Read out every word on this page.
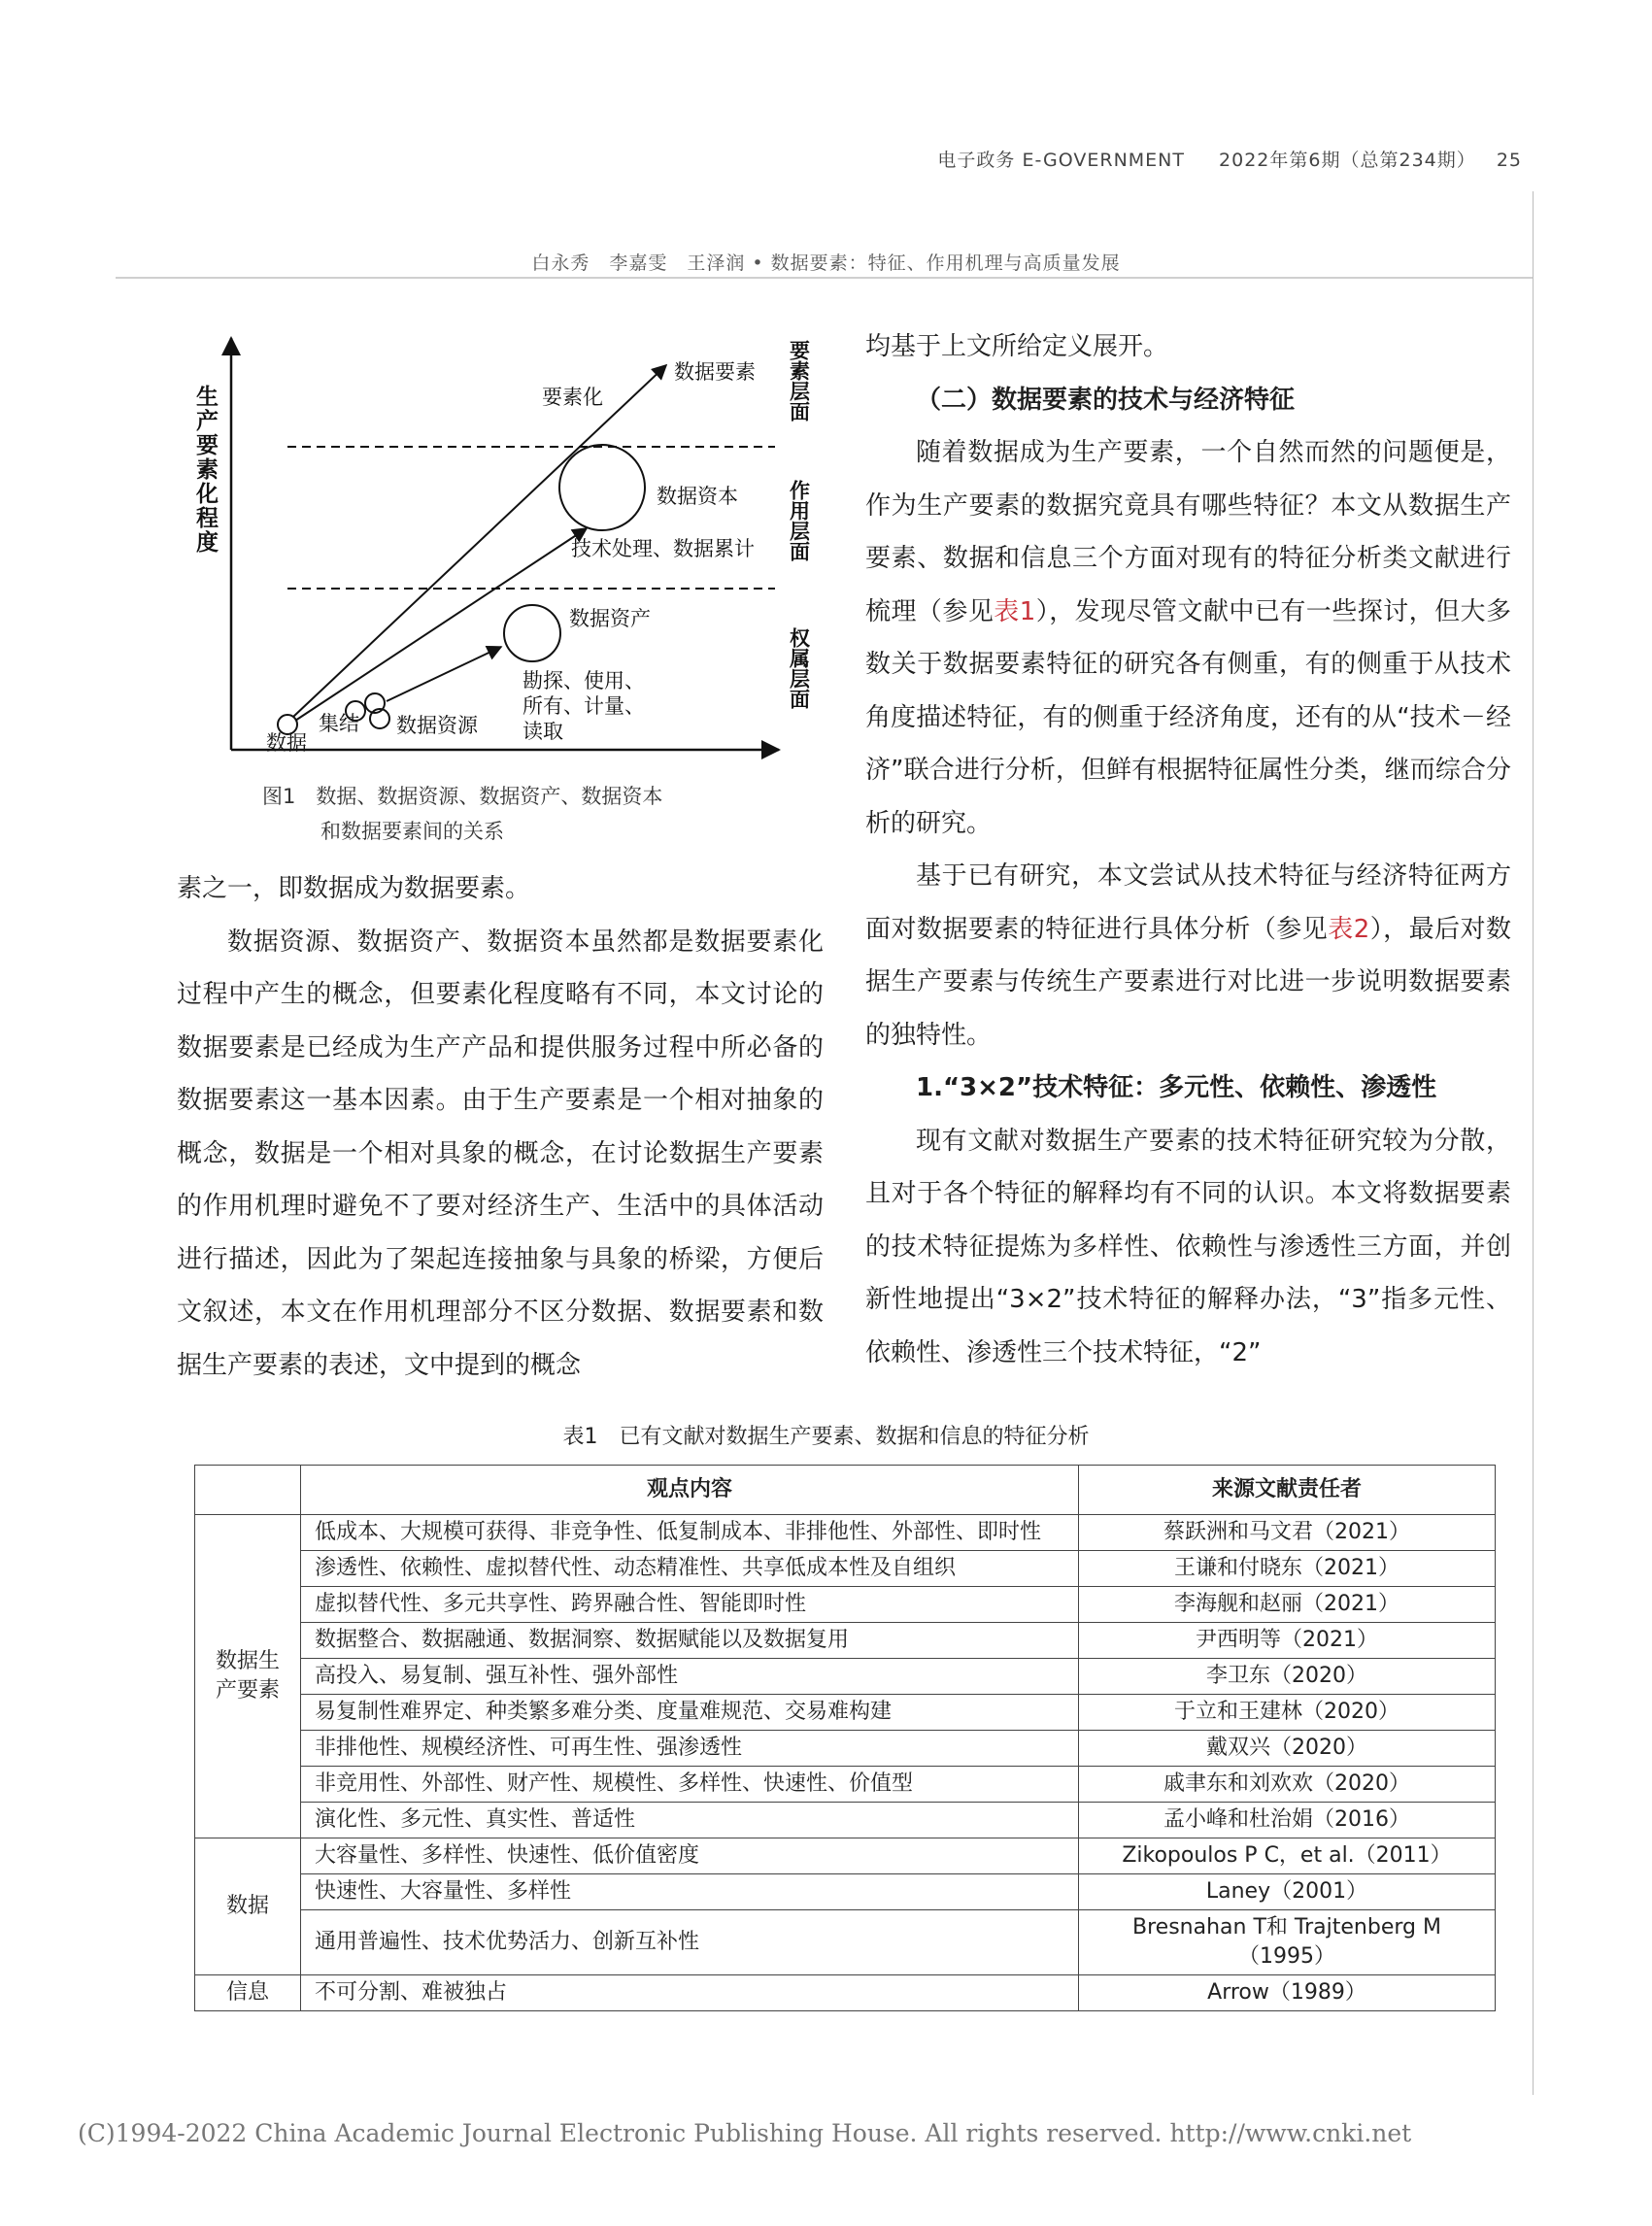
电子政务 E-GOVERNMENT 2022年第6期（总第234期） 25
白永秀　李嘉雯　王泽润 • 数据要素：特征、作用机理与高质量发展
生产要素化程度
要素层面
作用层面
权属层面
数据
集结 数据资源
数据资产
数据资本
数据要素
要素化
技术处理、数据累计
勘探、使用、
所有、计量、
读取
图1　数据、数据资源、数据资产、数据资本
和数据要素间的关系

素之一，即数据成为数据要素。

数据资源、数据资产、数据资本虽然都是数据要素化过程中产生的概念，但要素化程度略有不同，本文讨论的数据要素是已经成为生产产品和提供服务过程中所必备的数据要素这一基本因素。由于生产要素是一个相对抽象的概念，数据是一个相对具象的概念，在讨论数据生产要素的作用机理时避免不了要对经济生产、生活中的具体活动进行描述，因此为了架起连接抽象与具象的桥梁，方便后文叙述，本文在作用机理部分不区分数据、数据要素和数据生产要素的表述，文中提到的概念

均基于上文所给定义展开。

（二）数据要素的技术与经济特征

随着数据成为生产要素，一个自然而然的问题便是，作为生产要素的数据究竟具有哪些特征？本文从数据生产要素、数据和信息三个方面对现有的特征分析类文献进行梳理（参见表1），发现尽管文献中已有一些探讨，但大多数关于数据要素特征的研究各有侧重，有的侧重于从技术角度描述特征，有的侧重于经济角度，还有的从“技术－经济”联合进行分析，但鲜有根据特征属性分类，继而综合分析的研究。

基于已有研究，本文尝试从技术特征与经济特征两方面对数据要素的特征进行具体分析（参见表2），最后对数据生产要素与传统生产要素进行对比进一步说明数据要素的独特性。

1.“3×2”技术特征：多元性、依赖性、渗透性

现有文献对数据生产要素的技术特征研究较为分散，且对于各个特征的解释均有不同的认识。本文将数据要素的技术特征提炼为多样性、依赖性与渗透性三方面，并创新性地提出“3×2”技术特征的解释办法，“3”指多元性、依赖性、渗透性三个技术特征，“2”

表1　已有文献对数据生产要素、数据和信息的特征分析
	观点内容	来源文献责任者
数据生产要素	低成本、大规模可获得、非竞争性、低复制成本、非排他性、外部性、即时性	蔡跃洲和马文君（2021）
	渗透性、依赖性、虚拟替代性、动态精准性、共享低成本性及自组织	王谦和付晓东（2021）
	虚拟替代性、多元共享性、跨界融合性、智能即时性	李海舰和赵丽（2021）
	数据整合、数据融通、数据洞察、数据赋能以及数据复用	尹西明等（2021）
	高投入、易复制、强互补性、强外部性	李卫东（2020）
	易复制性难界定、种类繁多难分类、度量难规范、交易难构建	于立和王建林（2020）
	非排他性、规模经济性、可再生性、强渗透性	戴双兴（2020）
	非竞用性、外部性、财产性、规模性、多样性、快速性、价值型	戚聿东和刘欢欢（2020）
	演化性、多元性、真实性、普适性	孟小峰和杜治娟（2016）
数据	大容量性、多样性、快速性、低价值密度	Zikopoulos P C，et al.（2011）
	快速性、大容量性、多样性	Laney（2001）
	通用普遍性、技术优势活力、创新互补性	Bresnahan T和 Trajtenberg M（1995）
信息	不可分割、难被独占	Arrow（1989）
(C)1994-2022 China Academic Journal Electronic Publishing House. All rights reserved. http://www.cnki.net
